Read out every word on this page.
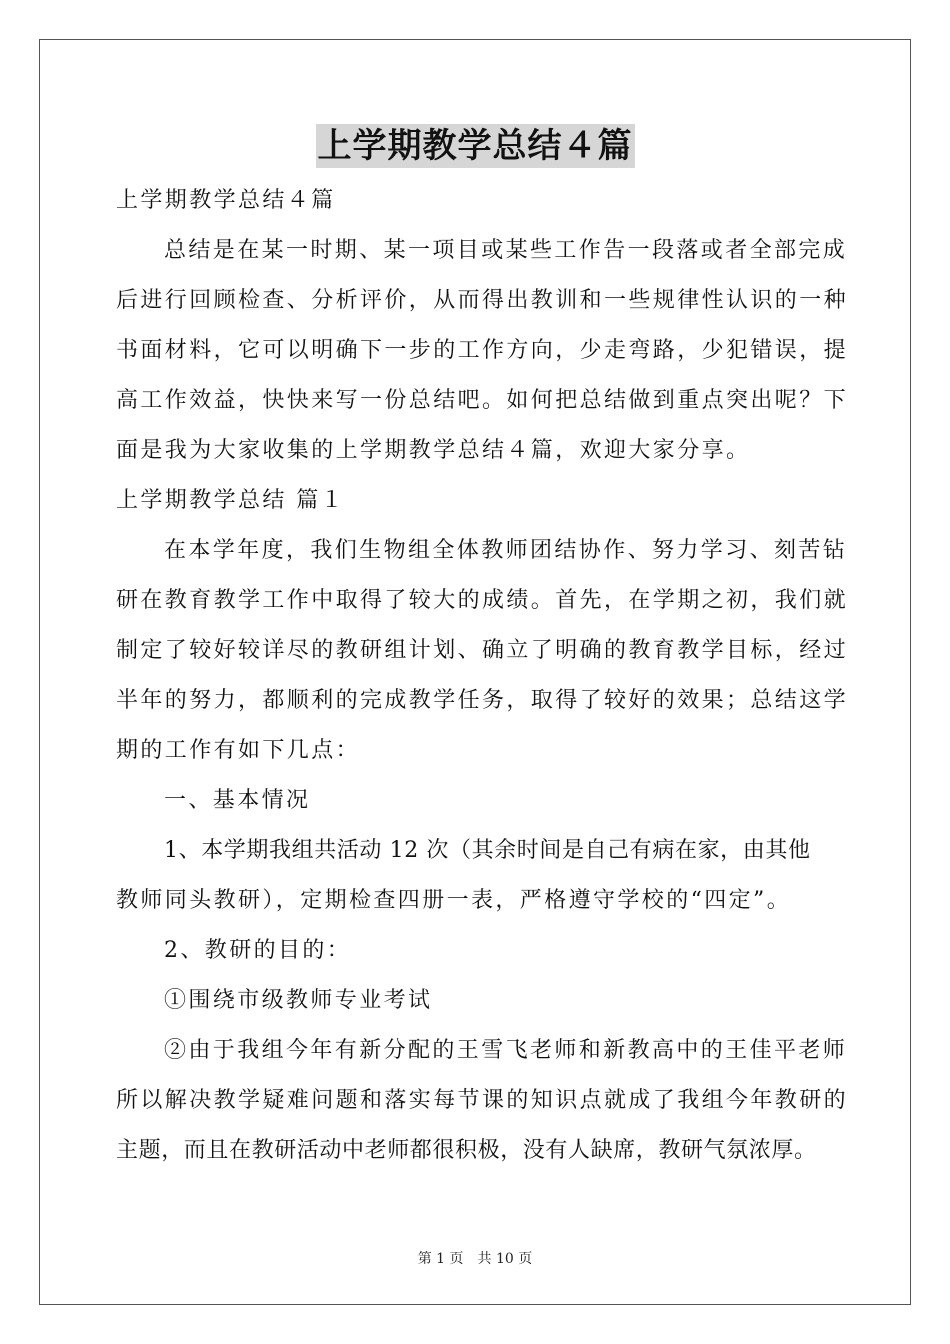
上学期教学总结４篇
上学期教学总结４篇
总结是在某一时期、某一项目或某些工作告一段落或者全部完成
后进行回顾检查、分析评价，从而得出教训和一些规律性认识的一种
书面材料，它可以明确下一步的工作方向，少走弯路，少犯错误，提
高工作效益，快快来写一份总结吧。如何把总结做到重点突出呢？下
面是我为大家收集的上学期教学总结４篇，欢迎大家分享。
上学期教学总结 篇１
在本学年度，我们生物组全体教师团结协作、努力学习、刻苦钻
研在教育教学工作中取得了较大的成绩。首先，在学期之初，我们就
制定了较好较详尽的教研组计划、确立了明确的教育教学目标，经过
半年的努力，都顺利的完成教学任务，取得了较好的效果；总结这学
期的工作有如下几点：
一、基本情况
1、本学期我组共活动 12 次（其余时间是自己有病在家，由其他
教师同头教研），定期检查四册一表，严格遵守学校的“四定”。
2、教研的目的：
①围绕市级教师专业考试
②由于我组今年有新分配的王雪飞老师和新教高中的王佳平老师
所以解决教学疑难问题和落实每节课的知识点就成了我组今年教研的
主题，而且在教研活动中老师都很积极，没有人缺席，教研气氛浓厚。
第 1 页　共 10 页
